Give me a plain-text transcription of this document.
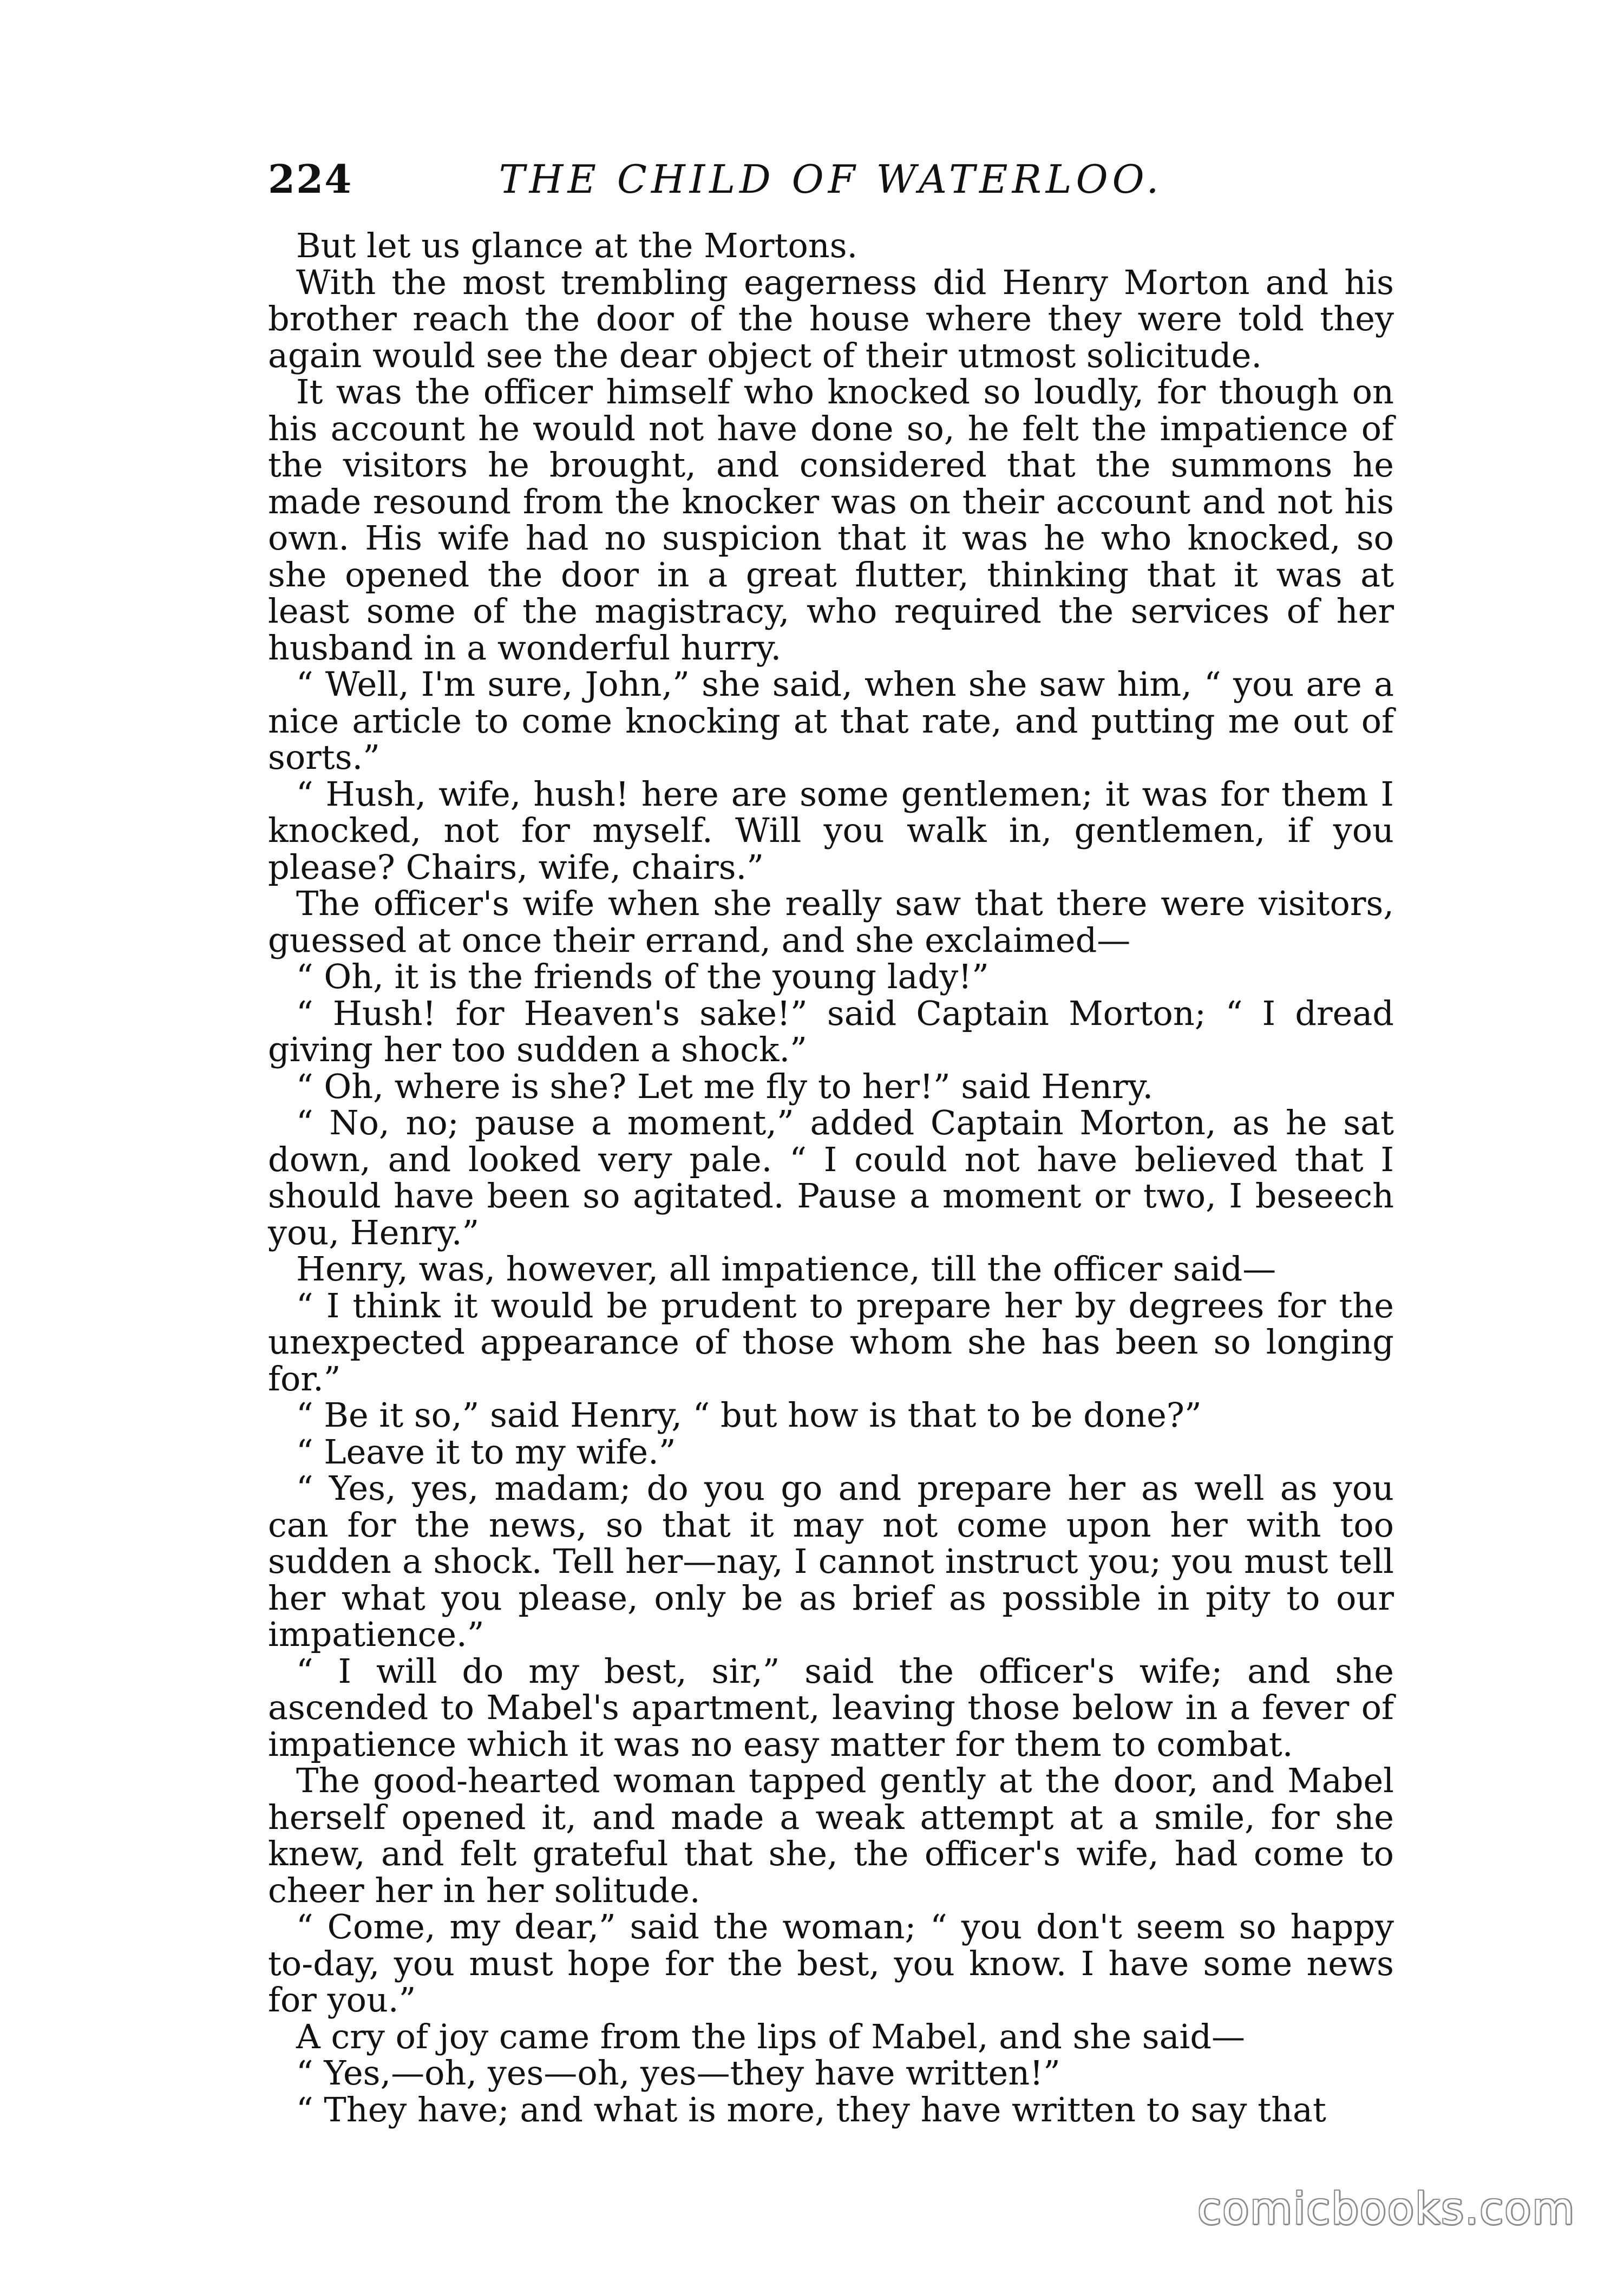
224	THE CHILD OF WATERLOO.

But let us glance at the Mortons.

With the most trembling eagerness did Henry Morton and his brother reach the door of the house where they were told they again would see the dear object of their utmost solicitude.

It was the officer himself who knocked so loudly, for though on his account he would not have done so, he felt the impatience of the visitors he brought, and considered that the summons he made resound from the knocker was on their account and not his own. His wife had no suspicion that it was he who knocked, so she opened the door in a great flutter, thinking that it was at least some of the magistracy, who required the services of her husband in a wonderful hurry.

“ Well, I'm sure, John,” she said, when she saw him, “ you are a nice article to come knocking at that rate, and putting me out of sorts.”

“ Hush, wife, hush! here are some gentlemen; it was for them I knocked, not for myself. Will you walk in, gentlemen, if you please? Chairs, wife, chairs.”

The officer's wife when she really saw that there were visitors, guessed at once their errand, and she exclaimed—

“ Oh, it is the friends of the young lady!”

“ Hush! for Heaven's sake!” said Captain Morton; “ I dread giving her too sudden a shock.”

“ Oh, where is she? Let me fly to her!” said Henry.

“ No, no; pause a moment,” added Captain Morton, as he sat down, and looked very pale. “ I could not have believed that I should have been so agitated. Pause a moment or two, I beseech you, Henry.”

Henry, was, however, all impatience, till the officer said—

“ I think it would be prudent to prepare her by degrees for the unexpected appearance of those whom she has been so longing for.”

“ Be it so,” said Henry, “ but how is that to be done?”

“ Leave it to my wife.”

“ Yes, yes, madam; do you go and prepare her as well as you can for the news, so that it may not come upon her with too sudden a shock. Tell her—nay, I cannot instruct you; you must tell her what you please, only be as brief as possible in pity to our impatience.”

“ I will do my best, sir,” said the officer's wife; and she ascended to Mabel's apartment, leaving those below in a fever of impatience which it was no easy matter for them to combat.

The good-hearted woman tapped gently at the door, and Mabel herself opened it, and made a weak attempt at a smile, for she knew, and felt grateful that she, the officer's wife, had come to cheer her in her solitude.

“ Come, my dear,” said the woman; “ you don't seem so happy to-day, you must hope for the best, you know. I have some news for you.”

A cry of joy came from the lips of Mabel, and she said—

“ Yes,—oh, yes—oh, yes—they have written!”

“ They have; and what is more, they have written to say that

comicbooks.com
